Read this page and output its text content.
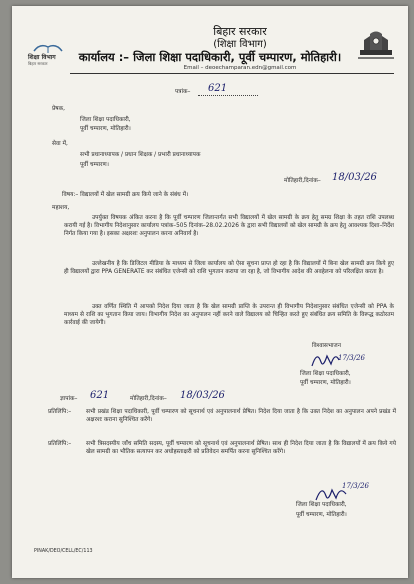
शिक्षा विभाग
बिहार सरकार
बिहार सरकार
(शिक्षा विभाग)
कार्यालय :– जिला शिक्षा पदाधिकारी, पूर्वी चम्पारण, मोतिहारी।
Email – deoechamparan.edn@gmail.com
पत्रांक– 621
प्रेषक,
जिला शिक्षा पदाधिकारी,
पूर्वी चम्पारण, मोतिहारी।
सेवा में,
सभी प्रधानाध्यापक / प्रधान शिक्षक / प्रभारी प्रधानाध्यापक
पूर्वी चम्पारण।
मोतिहारी,दिनांक– 18/03/26
विषय:– विद्यालयों में खेल सामग्री क्रय किये जाने के संबंध में।
महाशय,
उपर्युक्त विषयक अंकित करना है कि पूर्वी चम्पारण जिलान्तर्गत सभी विद्यालयों में खेल सामग्री के क्रय हेतु समग्र शिक्षा के तहत राशि उपलब्ध करायी गई है। विभागीय निदेशानुसार कार्यालय पत्रांक–505 दिनांक–28.02.2026 के द्वारा सभी विद्यालयों को खेल सामग्री के क्रय हेतु आवश्यक दिशा–निर्देश निर्गत किया गया है। इसका अक्षरशः अनुपालन करना अनिवार्य है।
उल्लेखनीय है कि डिजिटल मीडिया के माध्यम से जिला कार्यालय को ऐसा सूचना प्राप्त हो रहा है कि विद्यालयों में बिना खेल सामग्री क्रय किये हुए ही विद्यालयों द्वारा PPA GENERATE कर संबंधित एजेन्सी को राशि भुगतान कराया जा रहा है, जो विभागीय आदेश की अवहेलना को परिलक्षित करता है।
उक्त वर्णित स्थिति में आपको निदेश दिया जाता है कि खेल सामग्री प्राप्ति के उपरान्त ही विभागीय निदेशानुसार संबंधित एजेन्सी को PPA के माध्यम से राशि का भुगतान किया जाय। विभागीय निदेश का अनुपालन नहीं करने वाले विद्यालय को चिन्हित करते हुए संबंधित क्रय समिति के विरूद्ध कठोरतम कार्रवाई की जायेगी।
विश्वासभाजन
17/3/26
जिला शिक्षा पदाधिकारी,
पूर्वी चम्पारण, मोतिहारी।
ज्ञापांक– 621	मोतिहारी,दिनांक– 18/03/26
प्रतिलिपि:–	सभी प्रखंड शिक्षा पदाधिकारी, पूर्वी चम्पारण को सूचनार्थ एवं अनुपालनार्थ प्रेषित। निदेश दिया जाता है कि उक्त निदेश का अनुपालन अपने प्रखंड में अक्षरशः कराना सुनिश्चित करेंगे।
प्रतिलिपि:–	सभी त्रिसदस्यीय जाँच समिति सदस्य, पूर्वी चम्पारण को सूचनार्थ एवं अनुपालनार्थ प्रेषित। साथ ही निदेश दिया जाता है कि विद्यालयों में क्रय किये गये खेल सामग्री का भौतिक सत्यापन कर अधोहस्ताक्षरी को प्रतिवेदन समर्पित करना सुनिश्चित करेंगे।
17/3/26
जिला शिक्षा पदाधिकारी,
पूर्वी चम्पारण, मोतिहारी।
PINAK/DEO/CELL/EC/113
